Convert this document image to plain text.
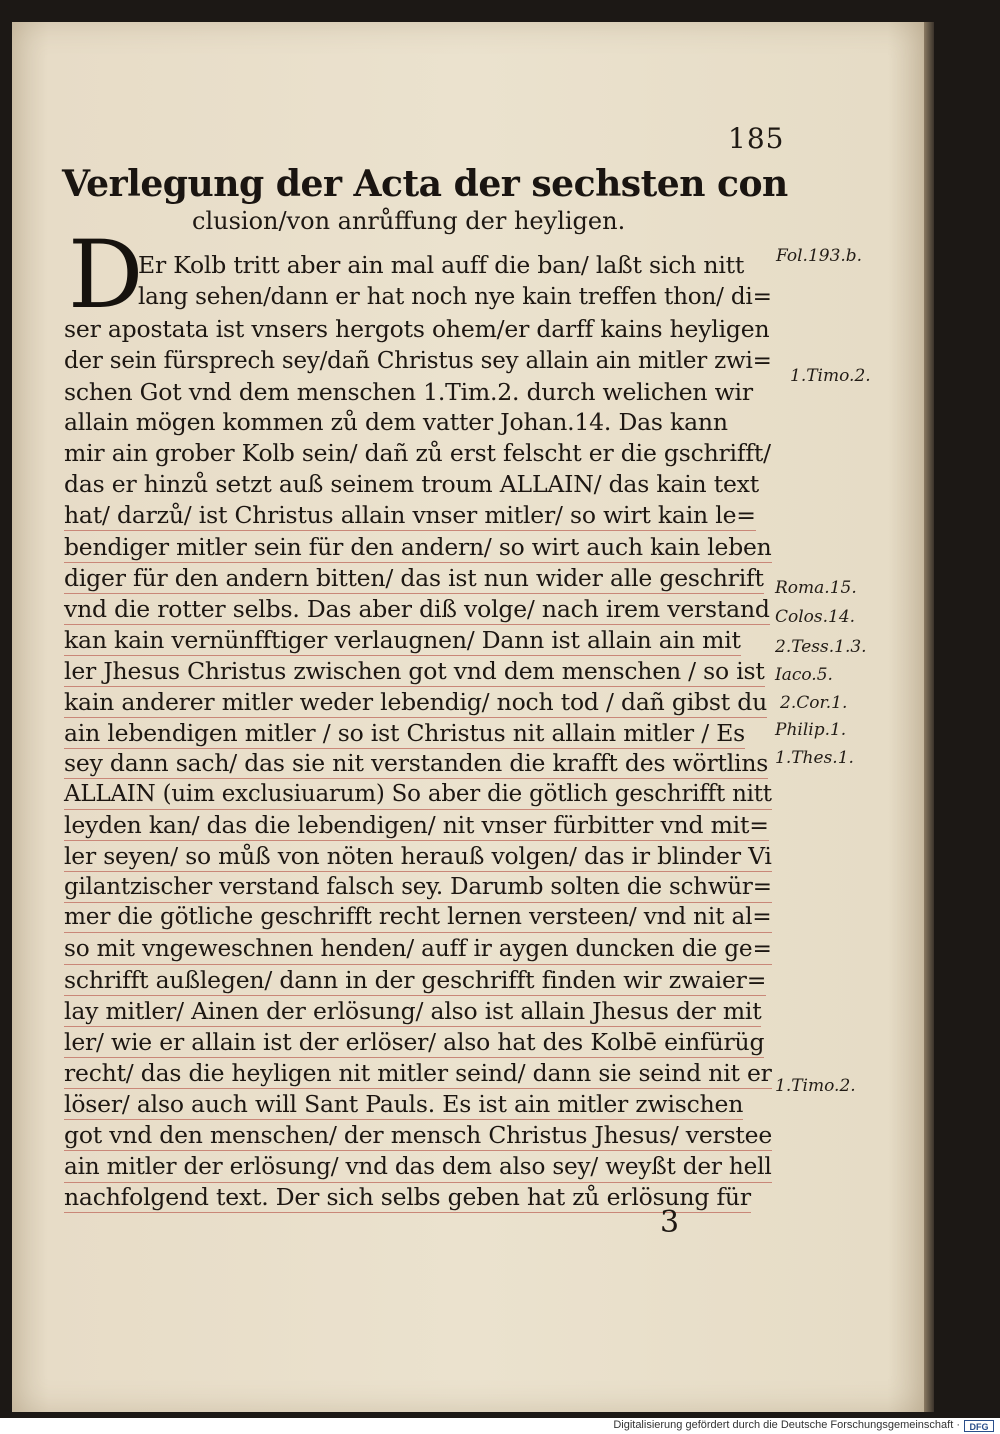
185
Verlegung der Acta der sechsten con
clusion/von anrůffung der heyligen.
D
Er Kolb tritt aber ain mal auff die ban/ laßt sich nitt
lang sehen/dann er hat noch nye kain treffen thon/ di=
ser apostata ist vnsers hergots ohem/er darff kains heyligen
der sein fürsprech sey/dañ Christus sey allain ain mitler zwi=
schen Got vnd dem menschen 1.Tim.2. durch welichen wir
allain mögen kommen zů dem vatter Johan.14. Das kann
mir ain grober Kolb sein/ dañ zů erst felscht er die gschrifft/
das er hinzů setzt auß seinem troum ALLAIN/ das kain text
hat/ darzů/ ist Christus allain vnser mitler/ so wirt kain le=
bendiger mitler sein für den andern/ so wirt auch kain leben
diger für den andern bitten/ das ist nun wider alle geschrift
vnd die rotter selbs. Das aber diß volge/ nach irem verstand
kan kain vernünfftiger verlaugnen/ Dann ist allain ain mit
ler Jhesus Christus zwischen got vnd dem menschen / so ist
kain anderer mitler weder lebendig/ noch tod / dañ gibst du
ain lebendigen mitler / so ist Christus nit allain mitler / Es
sey dann sach/ das sie nit verstanden die krafft des wörtlins
ALLAIN (uim exclusiuarum) So aber die götlich geschrifft nitt
leyden kan/ das die lebendigen/ nit vnser fürbitter vnd mit=
ler seyen/ so můß von nöten herauß volgen/ das ir blinder Vi
gilantzischer verstand falsch sey. Darumb solten die schwür=
mer die götliche geschrifft recht lernen versteen/ vnd nit al=
so mit vngeweschnen henden/ auff ir aygen duncken die ge=
schrifft außlegen/ dann in der geschrifft finden wir zwaier=
lay mitler/ Ainen der erlösung/ also ist allain Jhesus der mit
ler/ wie er allain ist der erlöser/ also hat des Kolbē einfürüg
recht/ das die heyligen nit mitler seind/ dann sie seind nit er
löser/ also auch will Sant Pauls. Es ist ain mitler zwischen
got vnd den menschen/ der mensch Christus Jhesus/ verstee
ain mitler der erlösung/ vnd das dem also sey/ weyßt der hell
nachfolgend text. Der sich selbs geben hat zů erlösung für
Fol.193.b.
1.Timo.2.
Roma.15.
Colos.14.
2.Tess.1.3.
Iaco.5.
2.Cor.1.
Philip.1.
1.Thes.1.
1.Timo.2.
3
Digitalisierung gefördert durch die Deutsche Forschungsgemeinschaft ·	DFG
